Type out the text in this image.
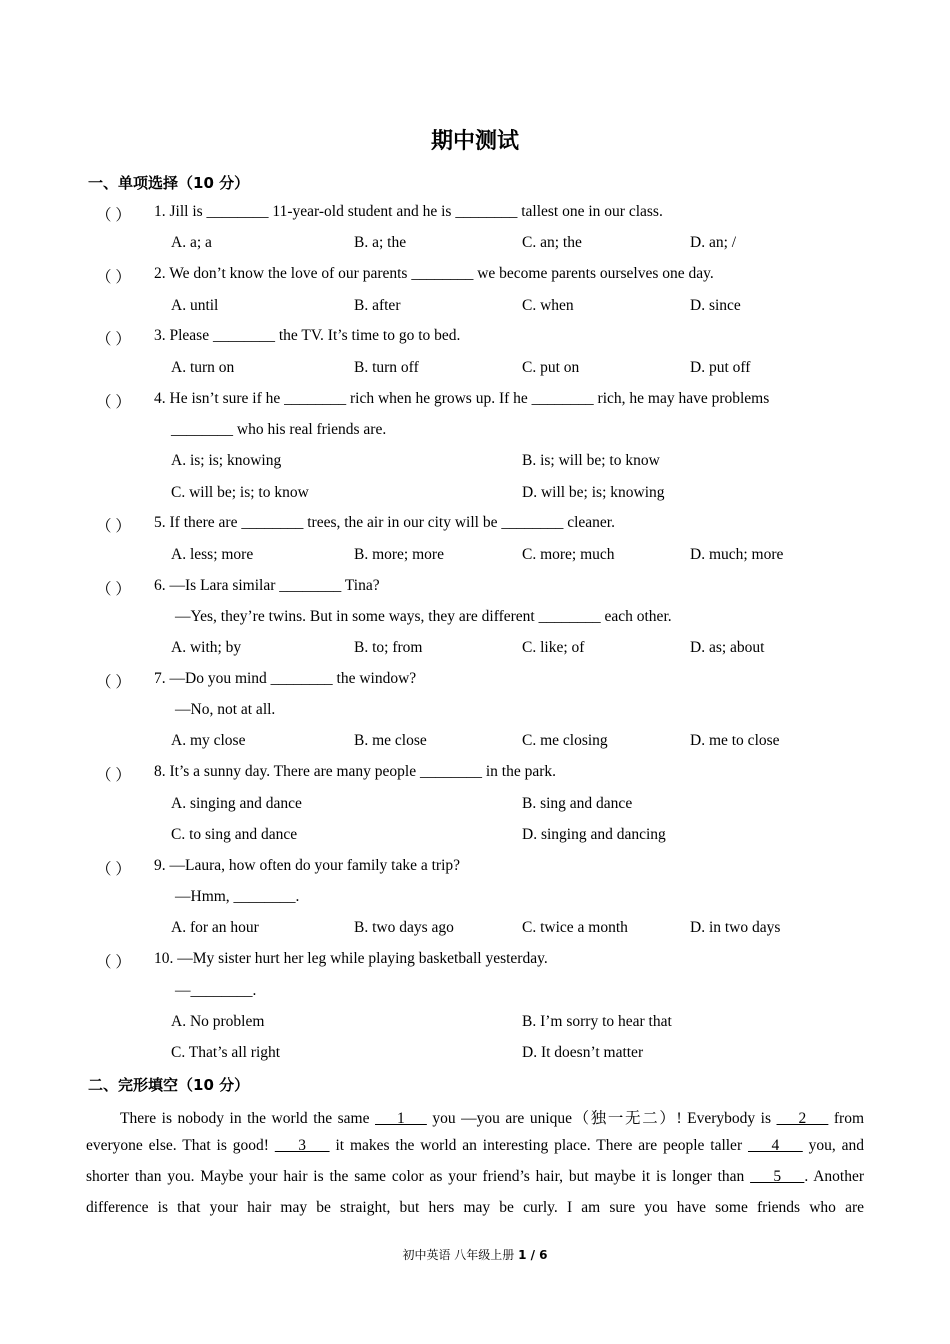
期中测试
一、单项选择（10 分）
（ ） 1. Jill is ________ 11-year-old student and he is ________ tallest one in our class.
A. a; a	B. a; the	C. an; the	D. an; /
（ ） 2. We don’t know the love of our parents ________ we become parents ourselves one day.
A. until	B. after	C. when	D. since
（ ） 3. Please ________ the TV. It’s time to go to bed.
A. turn on	B. turn off	C. put on	D. put off
（ ） 4. He isn’t sure if he ________ rich when he grows up. If he ________ rich, he may have problems
________ who his real friends are.
A. is; is; knowing	B. is; will be; to know
C. will be; is; to know	D. will be; is; knowing
（ ） 5. If there are ________ trees, the air in our city will be ________ cleaner.
A. less; more	B. more; more	C. more; much	D. much; more
（ ） 6. —Is Lara similar ________ Tina?
—Yes, they’re twins. But in some ways, they are different ________ each other.
A. with; by	B. to; from	C. like; of	D. as; about
（ ） 7. —Do you mind ________ the window?
—No, not at all.
A. my close	B. me close	C. me closing	D. me to close
（ ） 8. It’s a sunny day. There are many people ________ in the park.
A. singing and dance	B. sing and dance
C. to sing and dance	D. singing and dancing
（ ） 9. —Laura, how often do your family take a trip?
—Hmm, ________.
A. for an hour	B. two days ago	C. twice a month	D. in two days
（ ） 10. —My sister hurt her leg while playing basketball yesterday.
—________.
A. No problem	B. I’m sorry to hear that
C. That’s all right	D. It doesn’t matter
二、完形填空（10 分）
There is nobody in the world the same     1     you —you are unique（独一无二）! Everybody is     2     from
everyone else. That is good!     3     it makes the world an interesting place. There are people taller     4     you, and
shorter than you. Maybe your hair is the same color as your friend’s hair, but maybe it is longer than     5    . Another
difference is that your hair may be straight, but hers may be curly. I am sure you have some friends who are
初中英语 八年级上册 1 / 6
